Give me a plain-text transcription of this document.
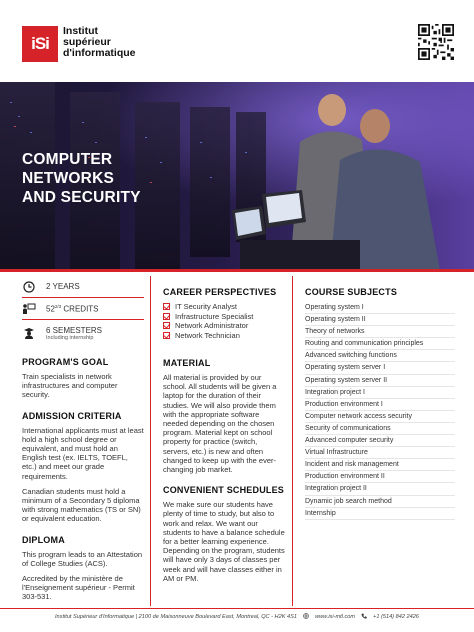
iSi
Institut
supérieur
d'informatique
COMPUTER
NETWORKS
AND SECURITY
2 YEARS
$52^{2/3}$ CREDITS
6 SEMESTERS
Including internship
PROGRAM'S GOAL

Train specialists in network infrastructures and computer security.

ADMISSION CRITERIA

International applicants must at least hold a high school degree or equivalent, and must hold an English test (ex. IELTS, TOEFL, etc.) and meet our grade requirements.

Canadian students must hold a minimum of a Secondary 5 diploma with strong mathematics (TS or SN) or equivalent education.

DIPLOMA

This program leads to an Attestation of College Studies (ACS).

Accredited by the ministère de l'Enseignement supérieur - Permit 303-531.

CAREER PERSPECTIVES
IT Security Analyst
Infrastructure Specialist
Network Administrator
Network Technician
MATERIAL

All material is provided by our school. All students will be given a laptop for the duration of their studies. We will also provide them with the appropriate software needed depending on the chosen program. Material kept on school property for practice (switch, servers, etc.) is new and often changed to keep up with the ever-changing job market.

CONVENIENT SCHEDULES

We make sure our students have plenty of time to study, but also to work and relax. We want our students to have a balance schedule for a better learning experience. Depending on the program, students will have only 3 days of classes per week and will have classes either in AM or PM.

COURSE SUBJECTS
Operating system I
Operating system II
Theory of networks
Routing and communication principles
Advanced switching functions
Operating system server I
Operating system server II
Integration project I
Production environment I
Computer network access security
Security of communications
Advanced computer security
Virtual Infrastructure
Incident and risk management
Production environment II
Integration project II
Dynamic job search method
Internship
Institut Supérieur d'Informatique | 2100 de Maisonneuve Boulevard East, Montreal, QC - H2K 4S1	www.isi-mtl.com	+1 (514) 842 2426
